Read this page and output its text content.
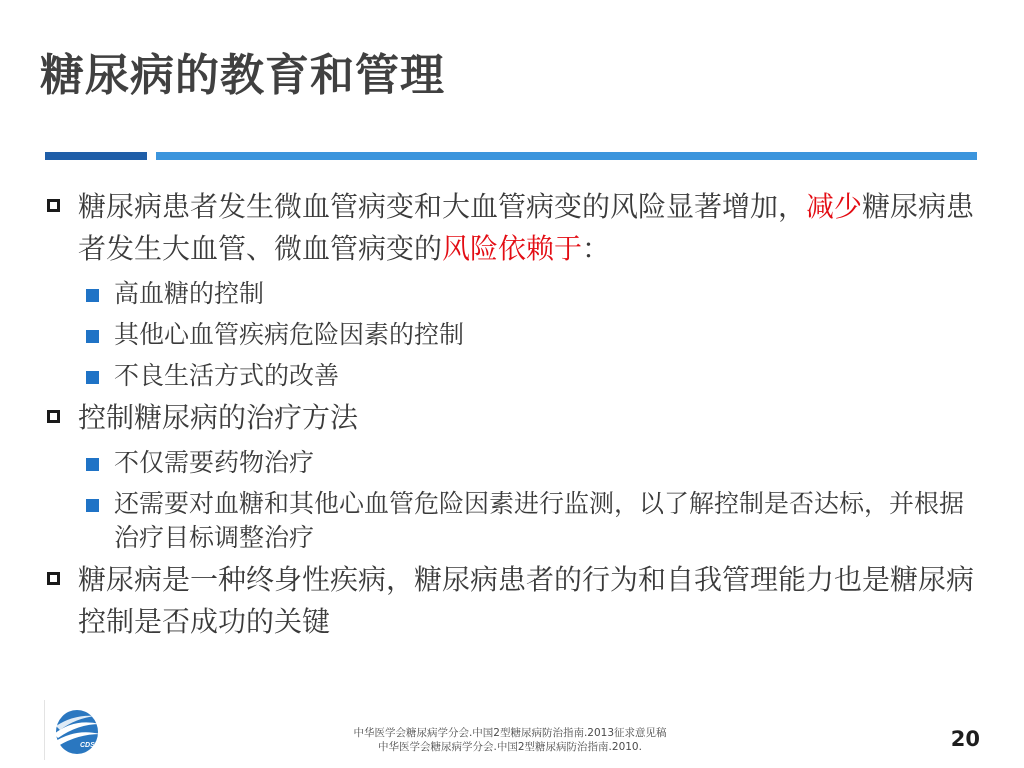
糖尿病的教育和管理
糖尿病患者发生微血管病变和大血管病变的风险显著增加，减少糖尿病患者发生大血管、微血管病变的风险依赖于：
高血糖的控制
其他心血管疾病危险因素的控制
不良生活方式的改善
控制糖尿病的治疗方法
不仅需要药物治疗
还需要对血糖和其他心血管危险因素进行监测，以了解控制是否达标，并根据治疗目标调整治疗
糖尿病是一种终身性疾病，糖尿病患者的行为和自我管理能力也是糖尿病控制是否成功的关键
CDS
中华医学会糖尿病学分会.中国2型糖尿病防治指南.2013征求意见稿
中华医学会糖尿病学分会.中国2型糖尿病防治指南.2010.	20
